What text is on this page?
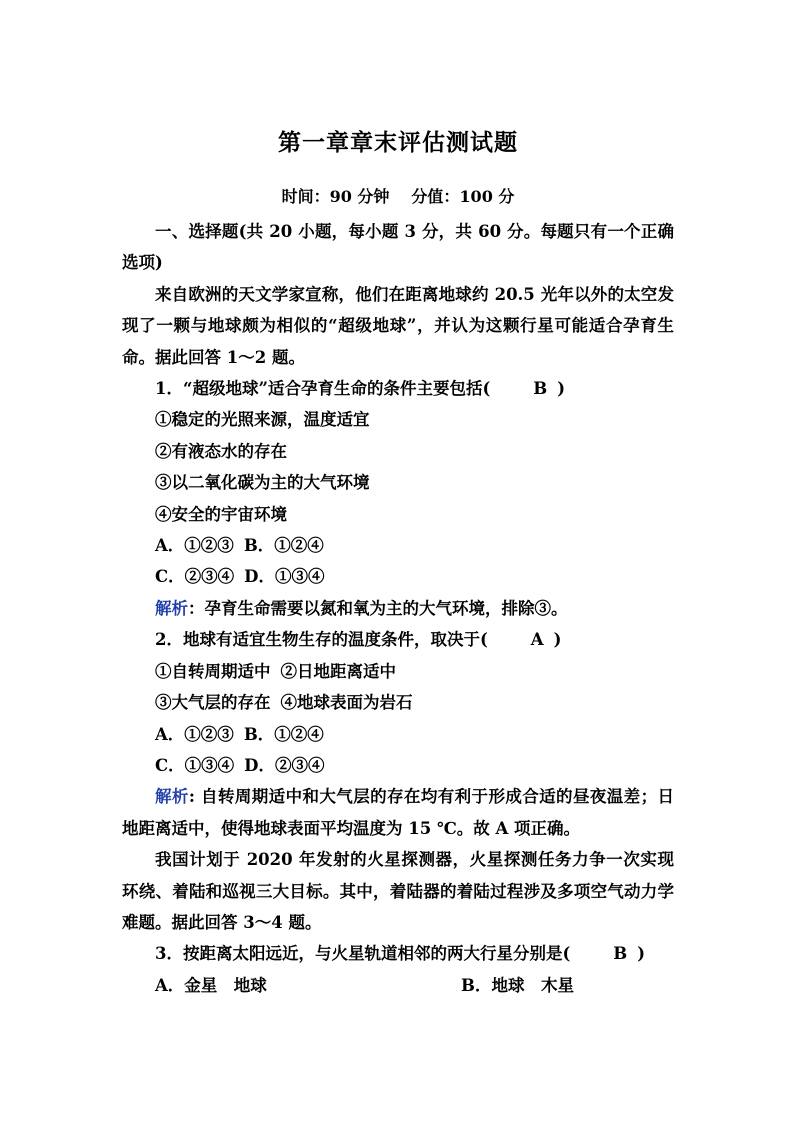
第一章章末评估测试题

时间：90 分钟 分值：100 分

一、选择题(共 20 小题，每小题 3 分，共 60 分。每题只有一个正确选项)

来自欧洲的天文学家宣称，他们在距离地球约 20.5 光年以外的太空发现了一颗与地球颇为相似的“超级地球”，并认为这颗行星可能适合孕育生命。据此回答 1～2 题。

1．“超级地球”适合孕育生命的条件主要包括(	B )

①稳定的光照来源，温度适宜

②有液态水的存在

③以二氧化碳为主的大气环境

④安全的宇宙环境

A．①②③ B．①②④

C．②③④ D．①③④

解析：孕育生命需要以氮和氧为主的大气环境，排除③。

2．地球有适宜生物生存的温度条件，取决于(	A )

①自转周期适中 ②日地距离适中

③大气层的存在 ④地球表面为岩石

A．①②③ B．①②④

C．①③④ D．②③④

解析: 自转周期适中和大气层的存在均有利于形成合适的昼夜温差；日地距离适中，使得地球表面平均温度为 15 ℃。故 A 项正确。

我国计划于 2020 年发射的火星探测器，火星探测任务力争一次实现环绕、着陆和巡视三大目标。其中，着陆器的着陆过程涉及多项空气动力学难题。据此回答 3～4 题。

3．按距离太阳远近，与火星轨道相邻的两大行星分别是(	B )

A．金星　地球	B．地球　木星
